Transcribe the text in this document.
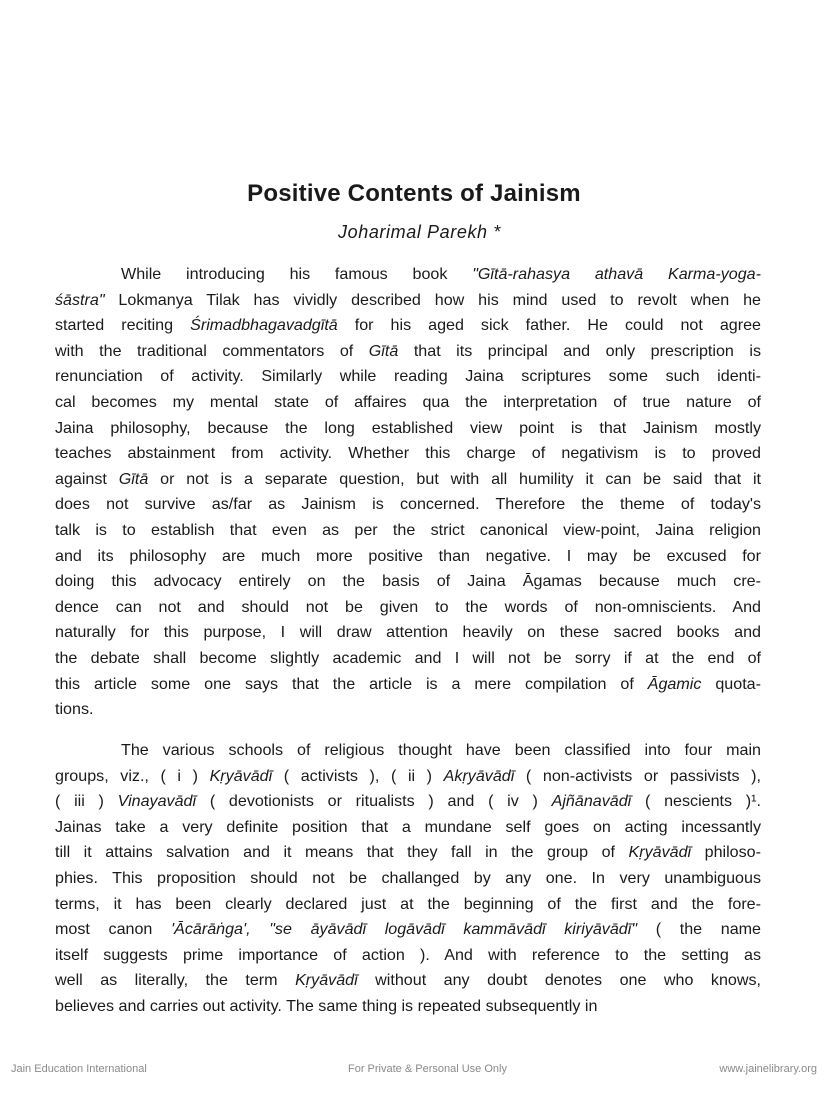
Positive Contents of Jainism

Joharimal Parekh *

While introducing his famous book "Gītā-rahasya athavā Karma-yoga-
śāstra" Lokmanya Tilak has vividly described how his mind used to revolt when he
started reciting Śrimadbhagavadgītā for his aged sick father. He could not agree
with the traditional commentators of Gītā that its principal and only prescription is
renunciation of activity. Similarly while reading Jaina scriptures some such identi-
cal becomes my mental state of affaires qua the interpretation of true nature of
Jaina philosophy, because the long established view point is that Jainism mostly
teaches abstainment from activity. Whether this charge of negativism is to proved
against Gītā or not is a separate question, but with all humility it can be said that it
does not survive as/far as Jainism is concerned. Therefore the theme of today's
talk is to establish that even as per the strict canonical view-point, Jaina religion
and its philosophy are much more positive than negative. I may be excused for
doing this advocacy entirely on the basis of Jaina Āgamas because much cre-
dence can not and should not be given to the words of non-omniscients. And
naturally for this purpose, I will draw attention heavily on these sacred books and
the debate shall become slightly academic and I will not be sorry if at the end of
this article some one says that the article is a mere compilation of Āgamic quota-
tions.
The various schools of religious thought have been classified into four main
groups, viz., ( i ) Kṛyāvādī ( activists ), ( ii ) Akṛyāvādī ( non-activists or passivists ),
( iii ) Vinayavādī ( devotionists or ritualists ) and ( iv ) Ajñānavādī ( nescients )¹.
Jainas take a very definite position that a mundane self goes on acting incessantly
till it attains salvation and it means that they fall in the group of Kṛyāvādī philoso-
phies. This proposition should not be challanged by any one. In very unambiguous
terms, it has been clearly declared just at the beginning of the first and the fore-
most canon 'Ācārāṅga', "se āyāvādī logāvādī kammāvādī kiriyāvādī" ( the name
itself suggests prime importance of action ). And with reference to the setting as
well as literally, the term Kṛyāvādī without any doubt denotes one who knows,
believes and carries out activity. The same thing is repeated subsequently in
Jain Education International	For Private & Personal Use Only	www.jainelibrary.org
